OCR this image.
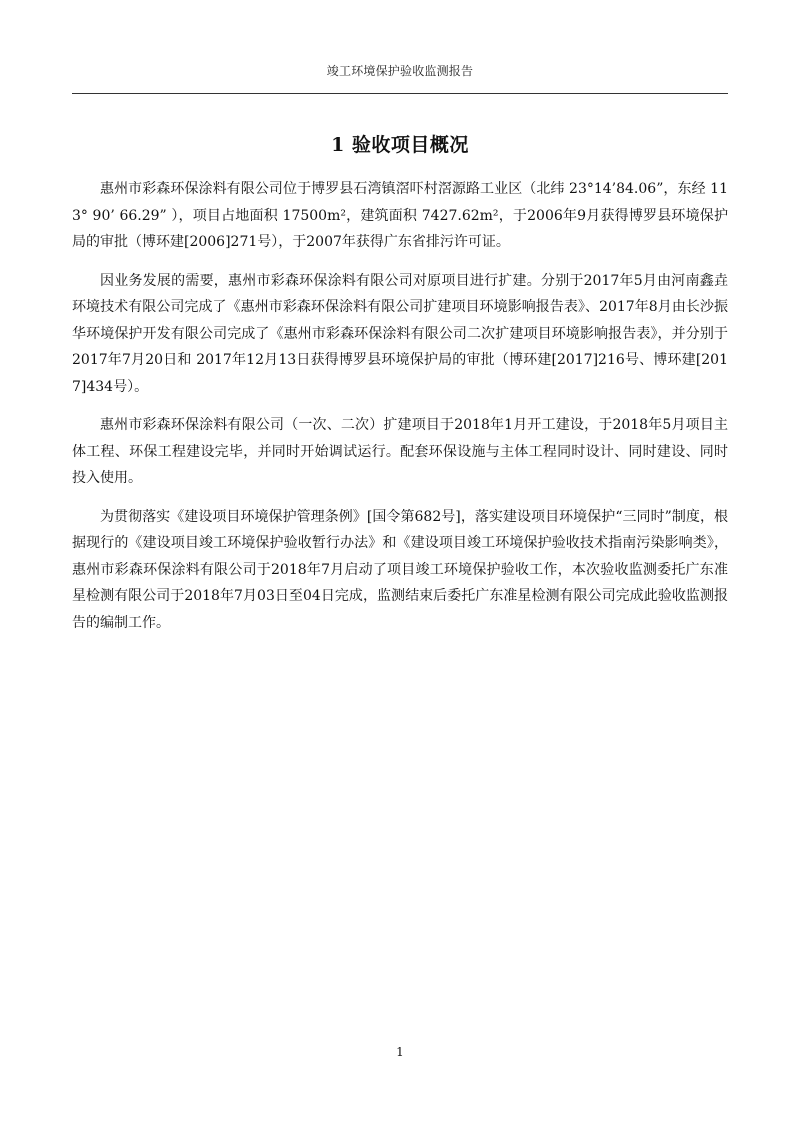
竣工环境保护验收监测报告
1 验收项目概况

惠州市彩森环保涂料有限公司位于博罗县石湾镇滘吓村滘源路工业区（北纬 23°14’84.06”，东经 113° 90’ 66.29” ），项目占地面积 17500m²，建筑面积 7427.62m²，于2006年9月获得博罗县环境保护局的审批（博环建[2006]271号），于2007年获得广东省排污许可证。

因业务发展的需要，惠州市彩森环保涂料有限公司对原项目进行扩建。分别于2017年5月由河南鑫垚环境技术有限公司完成了《惠州市彩森环保涂料有限公司扩建项目环境影响报告表》、2017年8月由长沙振华环境保护开发有限公司完成了《惠州市彩森环保涂料有限公司二次扩建项目环境影响报告表》，并分别于2017年7月20日和 2017年12月13日获得博罗县环境保护局的审批（博环建[2017]216号、博环建[2017]434号）。

惠州市彩森环保涂料有限公司（一次、二次）扩建项目于2018年1月开工建设，于2018年5月项目主体工程、环保工程建设完毕，并同时开始调试运行。配套环保设施与主体工程同时设计、同时建设、同时投入使用。

为贯彻落实《建设项目环境保护管理条例》[国令第682号]，落实建设项目环境保护“三同时”制度，根据现行的《建设项目竣工环境保护验收暂行办法》和《建设项目竣工环境保护验收技术指南污染影响类》，惠州市彩森环保涂料有限公司于2018年7月启动了项目竣工环境保护验收工作，本次验收监测委托广东准星检测有限公司于2018年7月03日至04日完成，监测结束后委托广东准星检测有限公司完成此验收监测报告的编制工作。

1
